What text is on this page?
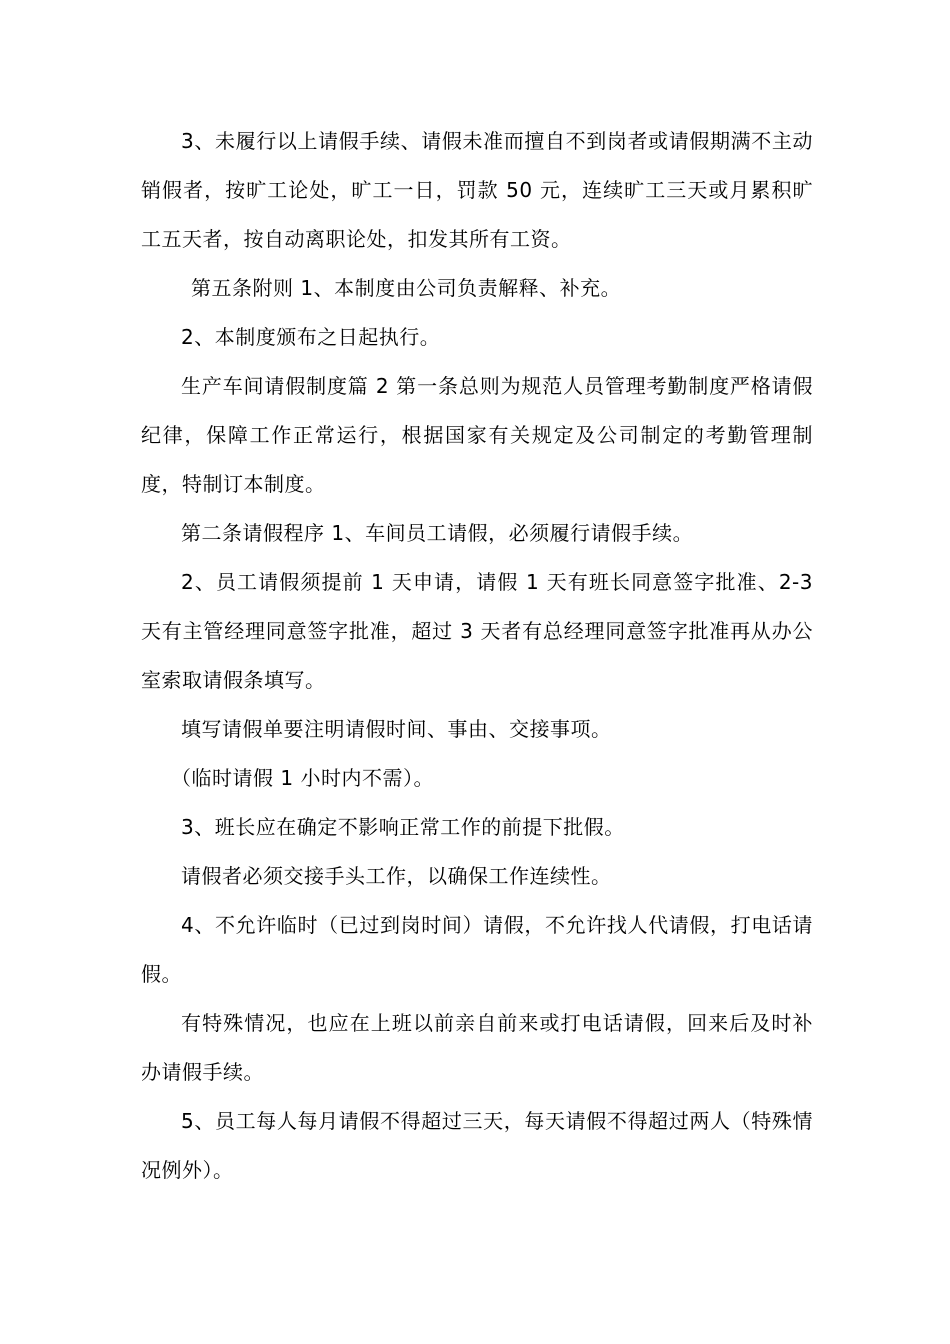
3、未履行以上请假手续、请假未准而擅自不到岗者或请假期满不主动销假者，按旷工论处，旷工一日，罚款 50 元，连续旷工三天或月累积旷工五天者，按自动离职论处，扣发其所有工资。

第五条附则 1、本制度由公司负责解释、补充。

2、本制度颁布之日起执行。

生产车间请假制度篇 2 第一条总则为规范人员管理考勤制度严格请假纪律，保障工作正常运行，根据国家有关规定及公司制定的考勤管理制度，特制订本制度。

第二条请假程序 1、车间员工请假，必须履行请假手续。

2、员工请假须提前 1 天申请，请假 1 天有班长同意签字批准、2-3 天有主管经理同意签字批准，超过 3 天者有总经理同意签字批准再从办公室索取请假条填写。

填写请假单要注明请假时间、事由、交接事项。

（临时请假 1 小时内不需）。

3、班长应在确定不影响正常工作的前提下批假。

请假者必须交接手头工作，以确保工作连续性。

4、不允许临时（已过到岗时间）请假，不允许找人代请假，打电话请假。

有特殊情况，也应在上班以前亲自前来或打电话请假，回来后及时补办请假手续。

5、员工每人每月请假不得超过三天，每天请假不得超过两人（特殊情况例外）。
